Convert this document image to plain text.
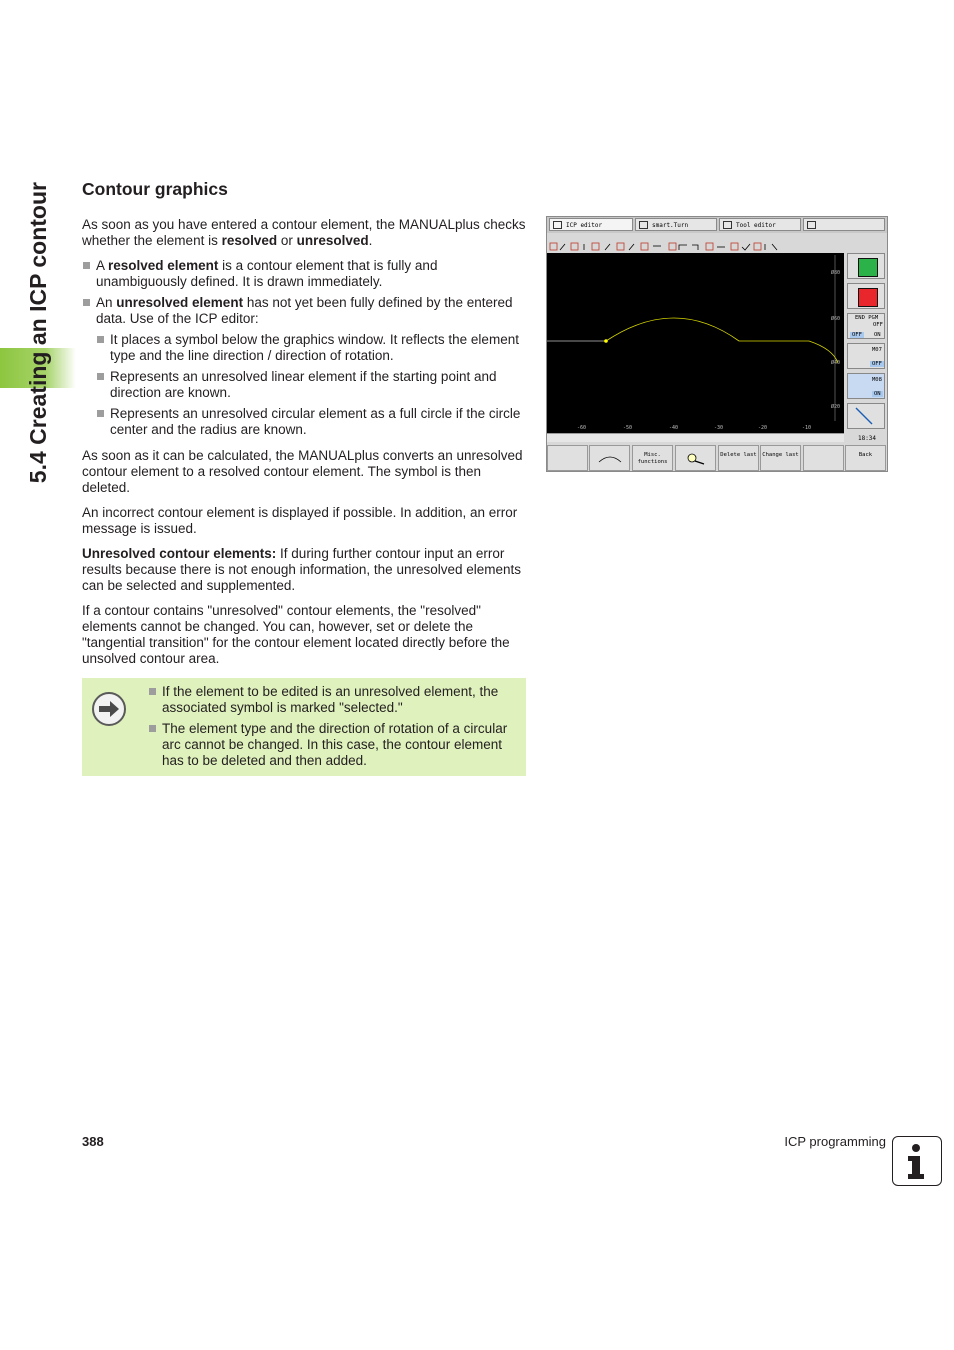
5.4 Creating an ICP contour Contour graphics

As soon as you have entered a contour element, the MANUALplus checks whether the element is resolved or unresolved.

A resolved element is a contour element that is fully and unambiguously defined. It is drawn immediately.
An unresolved element has not yet been fully defined by the entered data. Use of the ICP editor:
It places a symbol below the graphics window. It reflects the element type and the line direction / direction of rotation.
Represents an unresolved linear element if the starting point and direction are known.
Represents an unresolved circular element as a full circle if the circle center and the radius are known.

As soon as it can be calculated, the MANUALplus converts an unresolved contour element to a resolved contour element. The symbol is then deleted.

An incorrect contour element is displayed if possible. In addition, an error message is issued.

Unresolved contour elements: If during further contour input an error results because there is not enough information, the unresolved elements can be selected and supplemented.

If a contour contains "unresolved" contour elements, the "resolved" elements cannot be changed. You can, however, set or delete the "tangential transition" for the contour element located directly before the unsolved contour area.

If the element to be edited is an unresolved element, the associated symbol is marked "selected."
The element type and the direction of rotation of a circular arc cannot be changed. In this case, the contour element has to be deleted and then added.
ICP editor	smart.Turn	Tool editor
Ø80
Ø60
Ø40
Ø20
-60	-50	-40	-30	-20	-10
END PGM
OFF
OFF	ON
M07
OFF
M08
ON
18:34
Misc. functions
Delete last	Change last	Back
388	ICP programming
